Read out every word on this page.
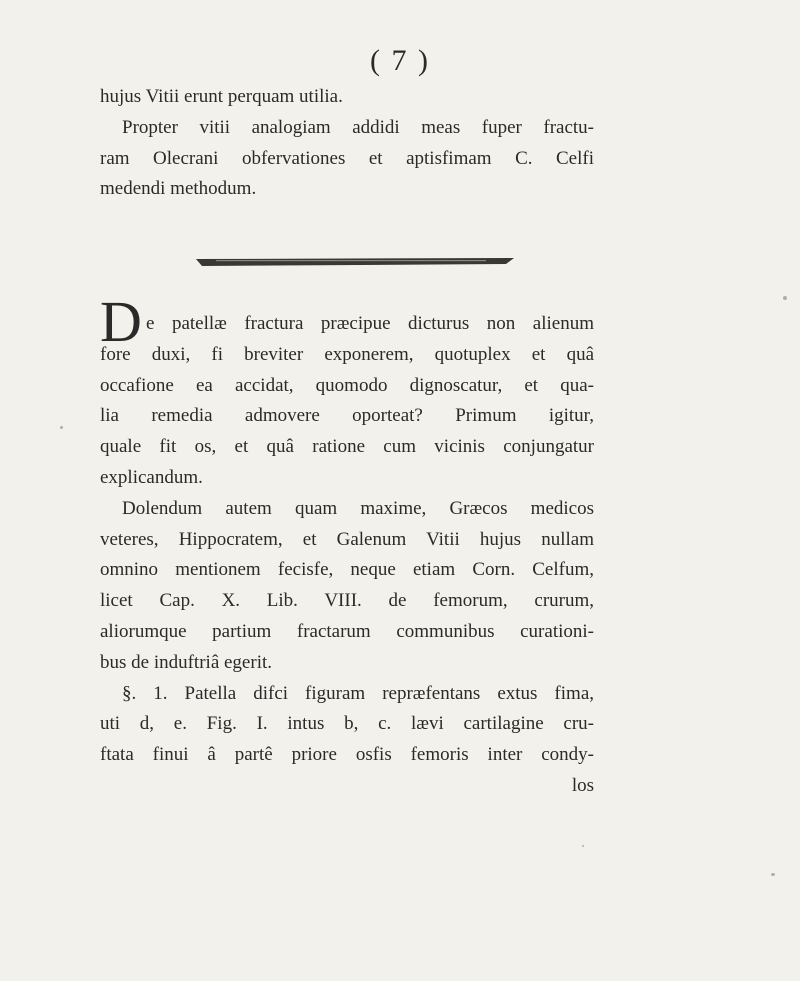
( 7 )
hujus Vitii erunt perquam utilia.
Propter vitii analogiam addidi meas fuper fractu-
ram Olecrani obfervationes et aptisfimam C. Celfi
medendi methodum.
D e patellæ fractura præcipue dicturus non alienum
fore duxi, fi breviter exponerem, quotuplex et quâ
occafione ea accidat, quomodo dignoscatur, et qua-
lia remedia admovere oporteat? Primum igitur,
quale fit os, et quâ ratione cum vicinis conjungatur
explicandum.
Dolendum autem quam maxime, Græcos medicos
veteres, Hippocratem, et Galenum Vitii hujus nullam
omnino mentionem fecisfe, neque etiam Corn. Celfum,
licet Cap. X. Lib. VIII. de femorum, crurum,
aliorumque partium fractarum communibus curationi-
bus de induftriâ egerit.
§. 1. Patella difci figuram repræfentans extus fima,
uti d, e. Fig. I. intus b, c. lævi cartilagine cru-
ftata finui â partê priore osfis femoris inter condy-
los
